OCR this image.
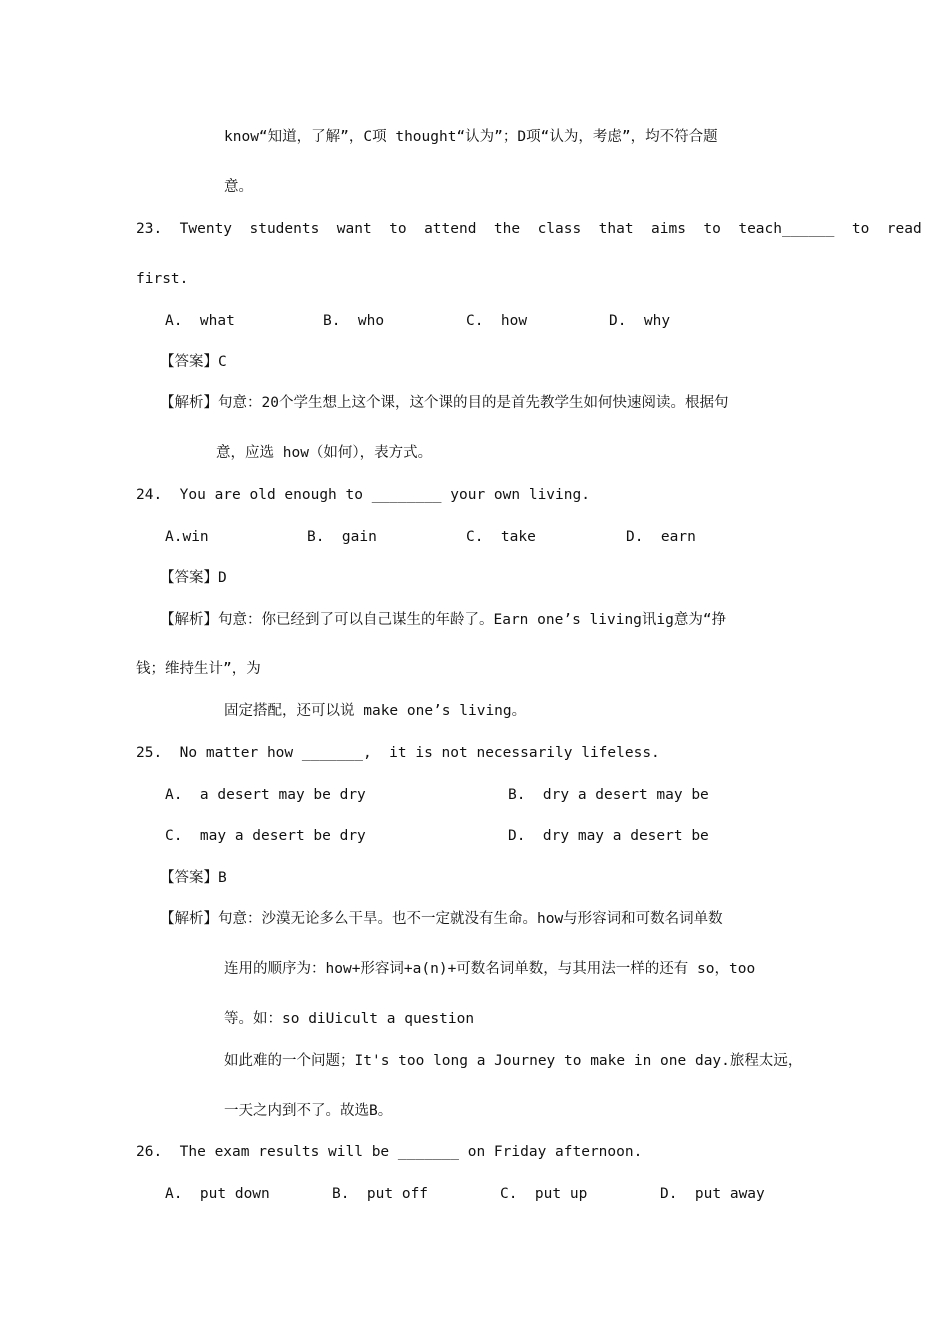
know“知道，了解”，C项 thought“认为”；D项“认为，考虑”，均不符合题
意。
23.  Twenty  students  want  to  attend  the  class  that  aims  to  teach______  to  read
first.
A.  what	B.  who	C.  how	D.  why
【答案】C
【解析】句意：20个学生想上这个课，这个课的目的是首先教学生如何快速阅读。根据句
意，应选 how（如何），表方式。
24.  You are old enough to ________ your own living.
A.win	B.  gain	C.  take	D.  earn
【答案】D
【解析】句意：你已经到了可以自己谋生的年龄了。Earn one’s living讯ig意为“挣
钱；维持生计”，为
固定搭配，还可以说 make one’s living。
25.  No matter how _______,  it is not necessarily lifeless.
A.  a desert may be dry	B.  dry a desert may be
C.  may a desert be dry	D.  dry may a desert be
【答案】B
【解析】句意：沙漠无论多么干旱。也不一定就没有生命。how与形容词和可数名词单数
连用的顺序为：how+形容词+a(n)+可数名词单数，与其用法一样的还有 so，too
等。如：so diUicult a question
如此难的一个问题；It's too long a Journey to make in one day.旅程太远，
一天之内到不了。故选B。
26.  The exam results will be _______ on Friday afternoon.
A.  put down	B.  put off	C.  put up	D.  put away
